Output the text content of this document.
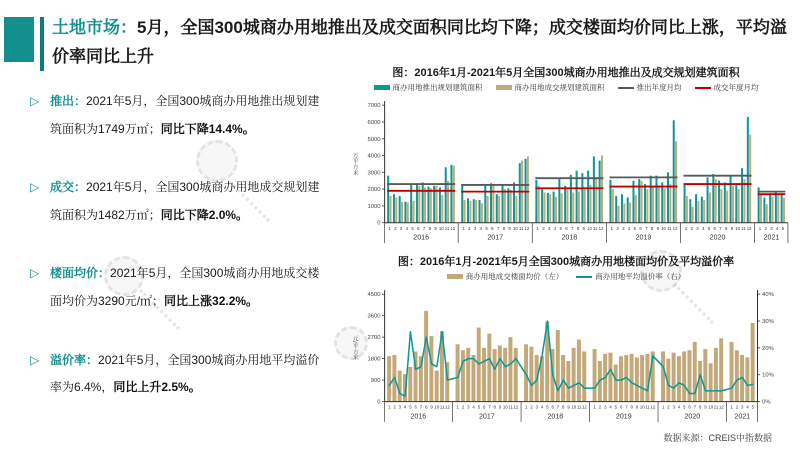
土地市场：5月，全国300城商办用地推出及成交面积同比均下降；成交楼面均价同比上涨，平均溢价率同比上升
▷ 推出：2021年5月，全国300城商办用地推出规划建筑面积为1749万㎡；同比下降14.4%。

▷ 成交：2021年5月，全国300城商办用地成交规划建筑面积为1482万㎡；同比下降2.0%。

▷ 楼面均价：2021年5月，全国300城商办用地成交楼面均价为3290元/㎡；同比上涨32.2%。

▷ 溢价率：2021年5月，全国300城商办用地平均溢价率为6.4%，同比上升2.5%。

图：2016年1月-2021年5月全国300城商办用地推出及成交规划建筑面积

商办用地推出规划建筑面积	商办用地成交规划建筑面积	推出年度月均	成交年度月均
0
1000
2000
3000
4000
5000
6000
7000
万平方米
1 2 3 4 5 6 7 8 9 10 11 12
2016
1 2 3 4 5 6 7 8 9 10 11 12
2017
1 2 3 4 5 6 7 8 9 10 11 12
2018
1 2 3 4 5 6 7 8 9 10 11 12
2019
1 2 3 4 5 6 7 8 9 10 11 12
2020
1 2 3 4 5
2021

图：2016年1月-2021年5月全国300城商办用地楼面均价及平均溢价率

商办用地成交楼面均价（左）	商办用地平均溢价率（右）
0
900
1800
2700
3600
4500
0%
10%
20%
30%
40%
元/平方米
1 2 3 4 5 6 7 8 9 10 11 12
2016
1 2 3 4 5 6 7 8 9 10 11 12
2017
1 2 3 4 5 6 7 8 9 10 11 12
2018
1 2 3 4 5 6 7 8 9 10 11 12
2019
1 2 3 4 5 6 7 8 9 10 11 12
2020
1 2 3 4 5
2021
数据来源：CREIS中指数据
